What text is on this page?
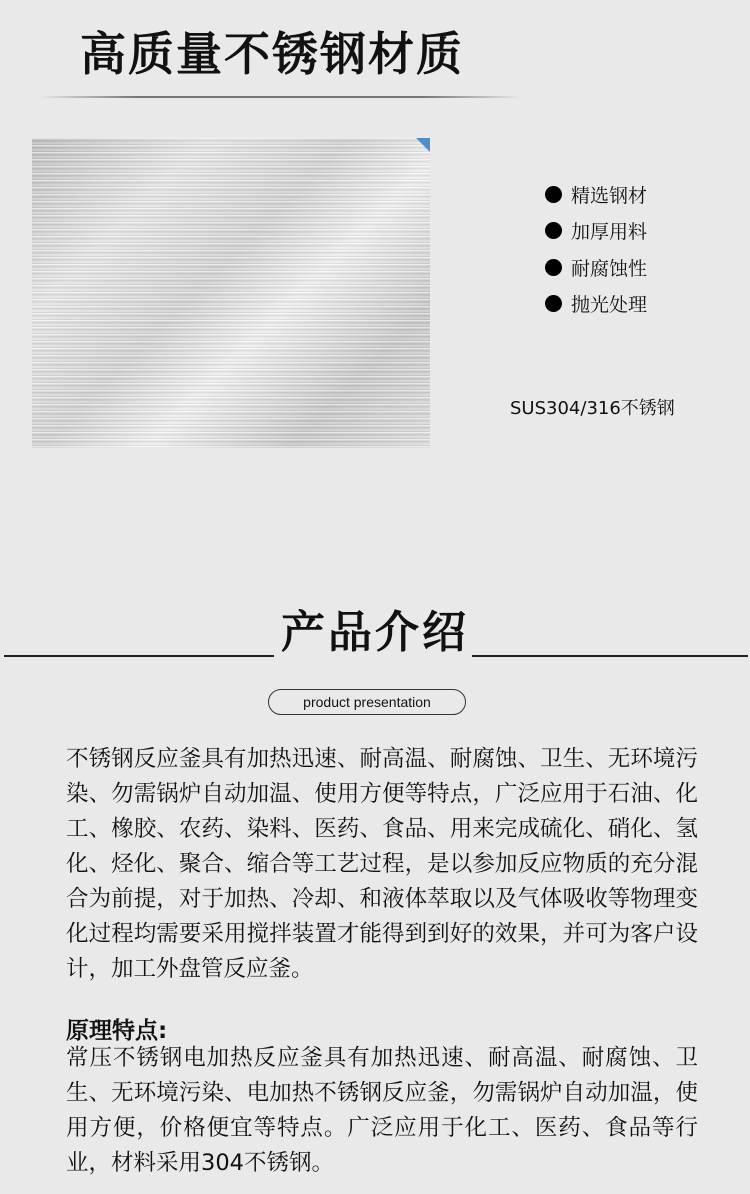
高质量不锈钢材质
精选钢材
加厚用料
耐腐蚀性
抛光处理
SUS304/316不锈钢
产品介绍
product presentation

不锈钢反应釜具有加热迅速、耐高温、耐腐蚀、卫生、无环境污染、勿需锅炉自动加温、使用方便等特点，广泛应用于石油、化工、橡胶、农药、染料、医药、食品、用来完成硫化、硝化、氢化、烃化、聚合、缩合等工艺过程，是以参加反应物质的充分混合为前提，对于加热、冷却、和液体萃取以及气体吸收等物理变化过程均需要采用搅拌装置才能得到到好的效果，并可为客户设计，加工外盘管反应釜。

原理特点:

常压不锈钢电加热反应釜具有加热迅速、耐高温、耐腐蚀、卫生、无环境污染、电加热不锈钢反应釜，勿需锅炉自动加温，使用方便，价格便宜等特点。广泛应用于化工、医药、食品等行业，材料采用304不锈钢。
